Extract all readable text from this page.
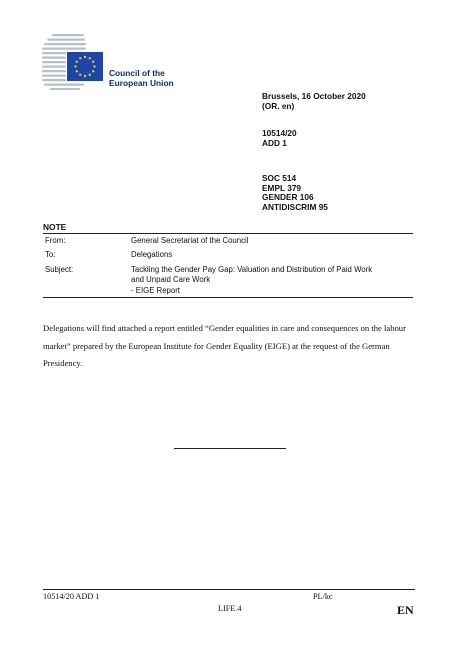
Council of the
European Union
Brussels, 16 October 2020
(OR. en)
10514/20
ADD 1
SOC 514
EMPL 379
GENDER 106
ANTIDISCRIM 95
NOTE
From:	General Secretariat of the Council
To:	Delegations
Subject:	Tackling the Gender Pay Gap: Valuation and Distribution of Paid Work
and Unpaid Care Work
- EIGE Report
Delegations will find attached a report entitled “Gender equalities in care and consequences on the labour market” prepared by the European Institute for Gender Equality (EIGE) at the request of the German Presidency.
10514/20 ADD 1	PL/kc
LIFE.4	EN
